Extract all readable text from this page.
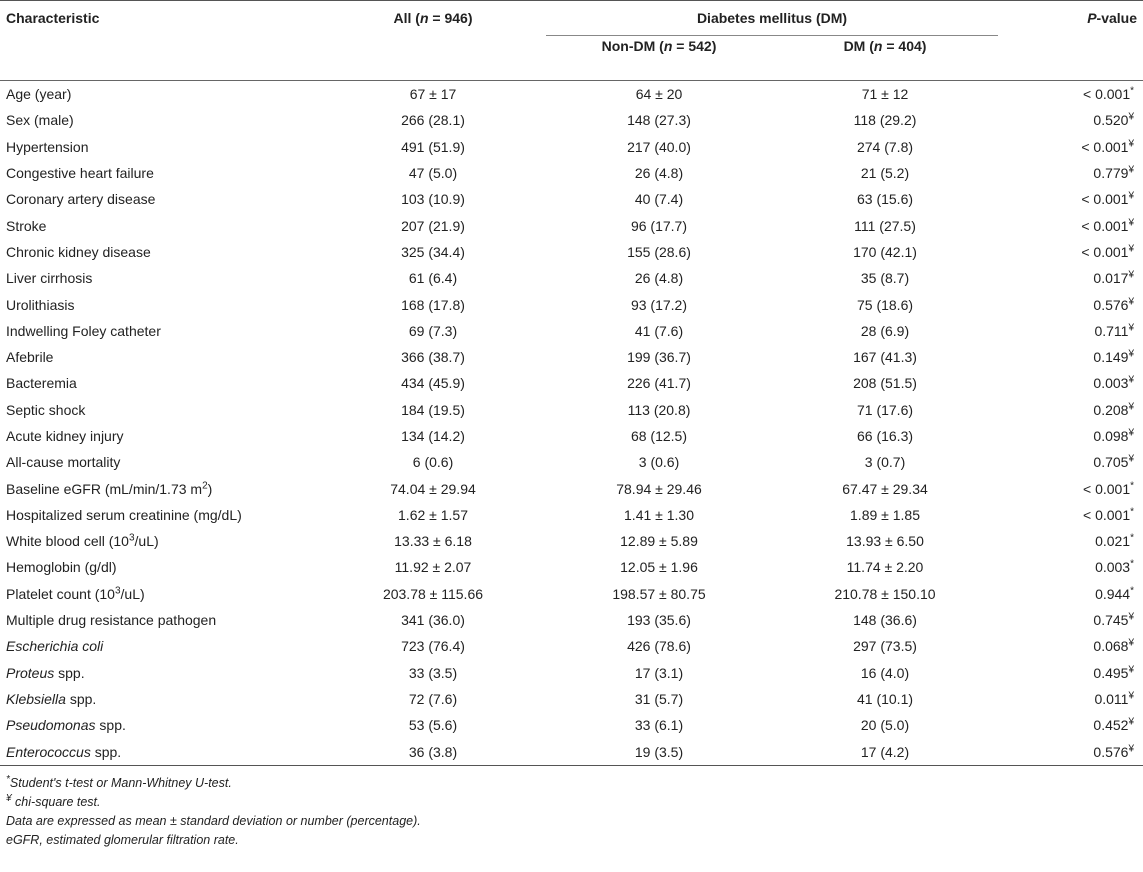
Characteristic	All (n = 946)	Diabetes mellitus (DM)		P-value
		Non-DM (n = 542)	DM (n = 404)	
Age (year)	67 ± 17	64 ± 20	71 ± 12	< 0.001*
Sex (male)	266 (28.1)	148 (27.3)	118 (29.2)	0.520¥
Hypertension	491 (51.9)	217 (40.0)	274 (7.8)	< 0.001¥
Congestive heart failure	47 (5.0)	26 (4.8)	21 (5.2)	0.779¥
Coronary artery disease	103 (10.9)	40 (7.4)	63 (15.6)	< 0.001¥
Stroke	207 (21.9)	96 (17.7)	111 (27.5)	< 0.001¥
Chronic kidney disease	325 (34.4)	155 (28.6)	170 (42.1)	< 0.001¥
Liver cirrhosis	61 (6.4)	26 (4.8)	35 (8.7)	0.017¥
Urolithiasis	168 (17.8)	93 (17.2)	75 (18.6)	0.576¥
Indwelling Foley catheter	69 (7.3)	41 (7.6)	28 (6.9)	0.711¥
Afebrile	366 (38.7)	199 (36.7)	167 (41.3)	0.149¥
Bacteremia	434 (45.9)	226 (41.7)	208 (51.5)	0.003¥
Septic shock	184 (19.5)	113 (20.8)	71 (17.6)	0.208¥
Acute kidney injury	134 (14.2)	68 (12.5)	66 (16.3)	0.098¥
All-cause mortality	6 (0.6)	3 (0.6)	3 (0.7)	0.705¥
Baseline eGFR (mL/min/1.73 $m^2$)	74.04 ± 29.94	78.94 ± 29.46	67.47 ± 29.34	< 0.001*
Hospitalized serum creatinine (mg/dL)	1.62 ± 1.57	1.41 ± 1.30	1.89 ± 1.85	< 0.001*
White blood cell $(10^3/uL)$	13.33 ± 6.18	12.89 ± 5.89	13.93 ± 6.50	0.021*
Hemoglobin (g/dl)	11.92 ± 2.07	12.05 ± 1.96	11.74 ± 2.20	0.003*
Platelet count $(10^3/uL)$	203.78 ± 115.66	198.57 ± 80.75	210.78 ± 150.10	0.944*
Multiple drug resistance pathogen	341 (36.0)	193 (35.6)	148 (36.6)	0.745¥
Escherichia coli	723 (76.4)	426 (78.6)	297 (73.5)	0.068¥
Proteus spp.	33 (3.5)	17 (3.1)	16 (4.0)	0.495¥
Klebsiella spp.	72 (7.6)	31 (5.7)	41 (10.1)	0.011¥
Pseudomonas spp.	53 (5.6)	33 (6.1)	20 (5.0)	0.452¥
Enterococcus spp.	36 (3.8)	19 (3.5)	17 (4.2)	0.576¥
*Student's t-test or Mann-Whitney U-test.
¥ chi-square test.
Data are expressed as mean ± standard deviation or number (percentage).
eGFR, estimated glomerular filtration rate.
